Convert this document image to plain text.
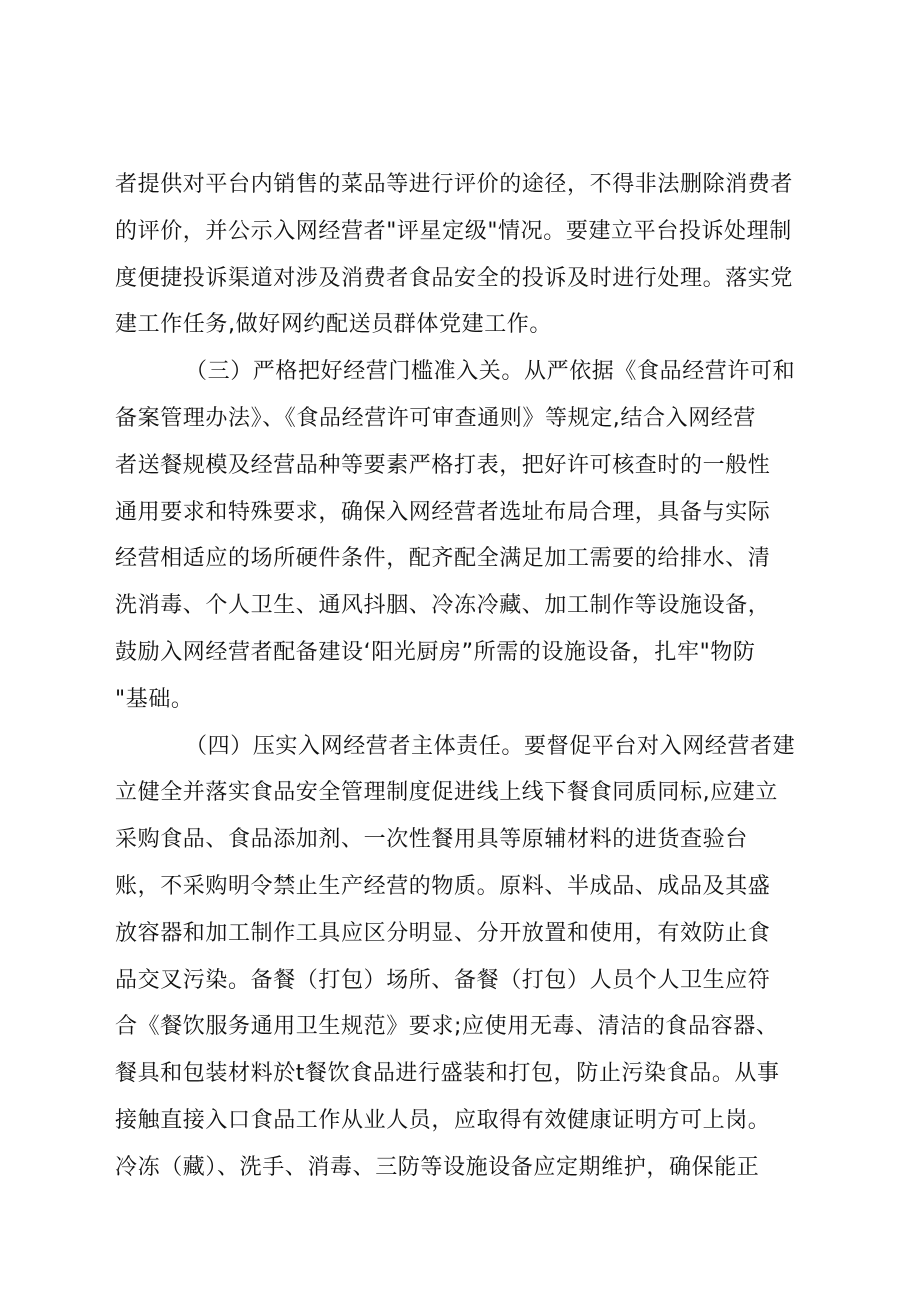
者提供对平台内销售的菜品等进行评价的途径，不得非法删除消费者
的评价，并公示入网经营者"评星定级"情况。要建立平台投诉处理制
度便捷投诉渠道对涉及消费者食品安全的投诉及时进行处理。落实党
建工作任务,做好网约配送员群体党建工作。
（三）严格把好经营门槛准入关。从严依据《食品经营许可和
备案管理办法》、《食品经营许可审查通则》等规定,结合入网经营
者送餐规模及经营品种等要素严格打表，把好许可核查时的一般性
通用要求和特殊要求，确保入网经营者选址布局合理，具备与实际
经营相适应的场所硬件条件，配齐配全满足加工需要的给排水、清
洗消毒、个人卫生、通风抖胭、冷冻冷藏、加工制作等设施设备，
鼓励入网经营者配备建设‘阳光厨房”所需的设施设备，扎牢"物防
"基础。
（四）压实入网经营者主体责任。要督促平台对入网经营者建
立健全并落实食品安全管理制度促进线上线下餐食同质同标,应建立
采购食品、食品添加剂、一次性餐用具等原辅材料的进货查验台
账，不采购明令禁止生产经营的物质。原料、半成品、成品及其盛
放容器和加工制作工具应区分明显、分开放置和使用，有效防止食
品交叉污染。备餐（打包）场所、备餐（打包）人员个人卫生应符
合《餐饮服务通用卫生规范》要求;应使用无毒、清洁的食品容器、
餐具和包装材料於t餐饮食品进行盛装和打包，防止污染食品。从事
接触直接入口食品工作从业人员，应取得有效健康证明方可上岗。
冷冻（藏）、洗手、消毒、三防等设施设备应定期维护，确保能正
